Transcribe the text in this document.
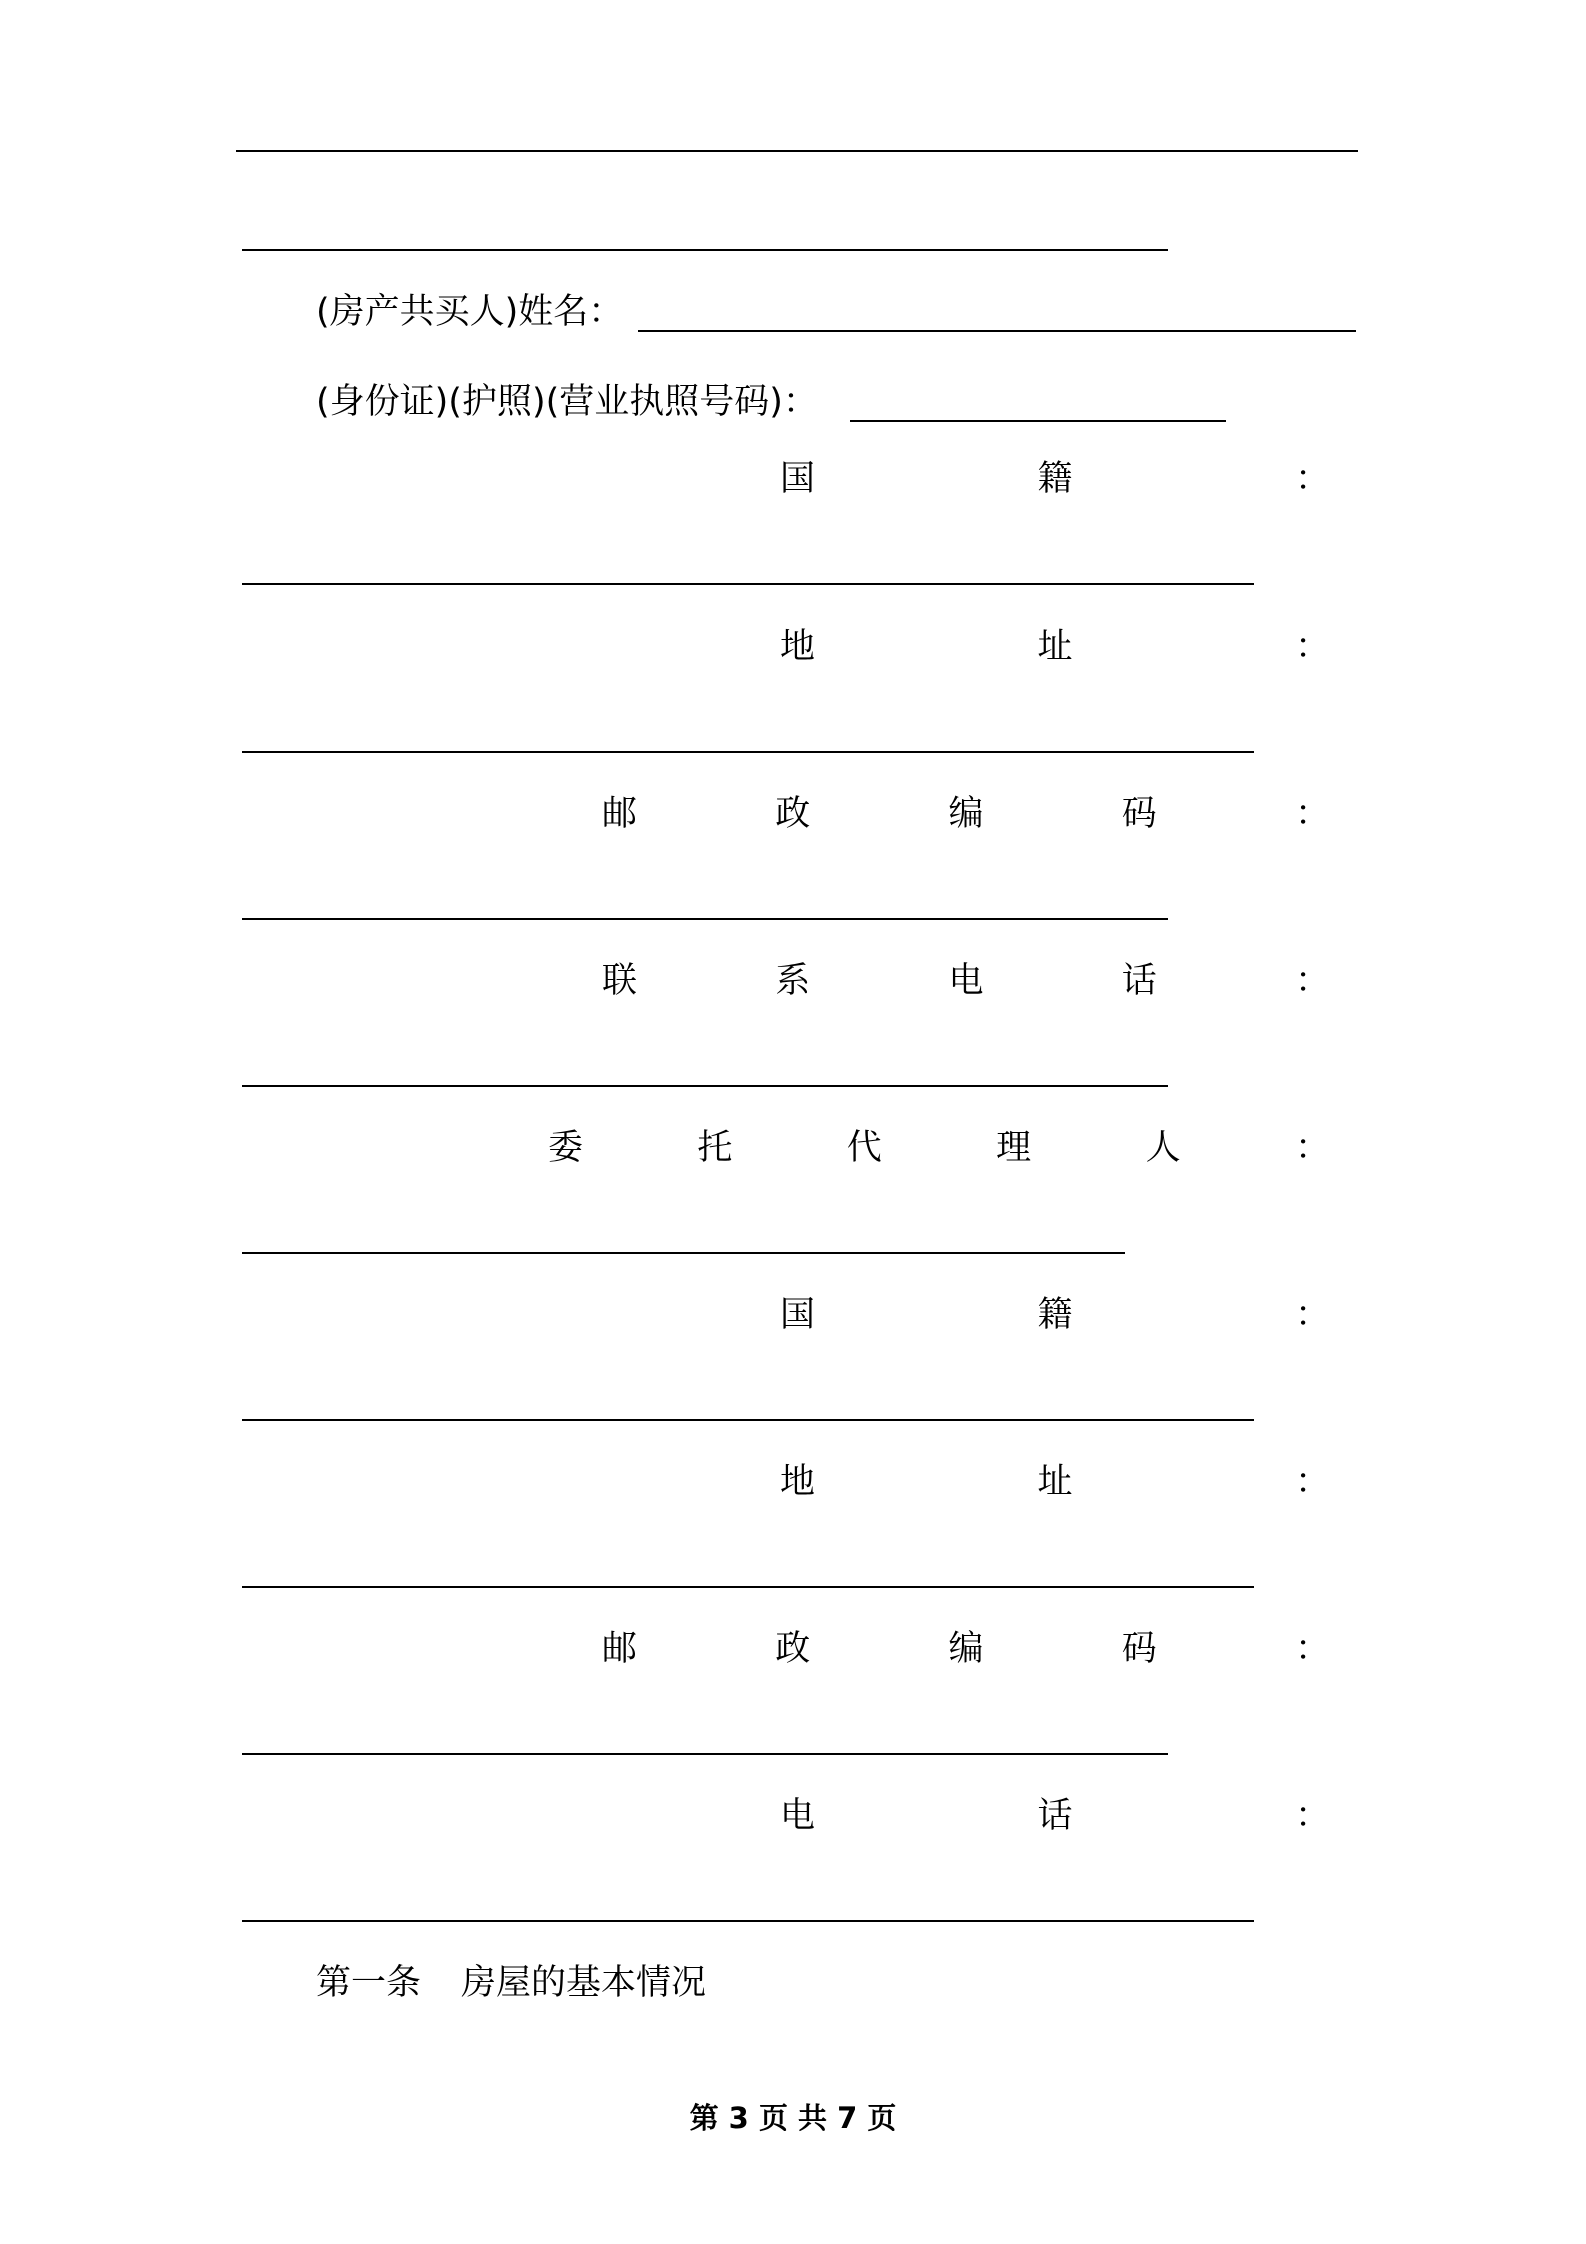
(房产共买人)姓名：
(身份证)(护照)(营业执照号码)：
国	籍	：
地	址	：
邮	政	编	码	：
联	系	电	话	：
委	托	代	理	人	：
国	籍	：
地	址	：
邮	政	编	码	：
电	话	：
第一条 房屋的基本情况
第 3 页 共 7 页
